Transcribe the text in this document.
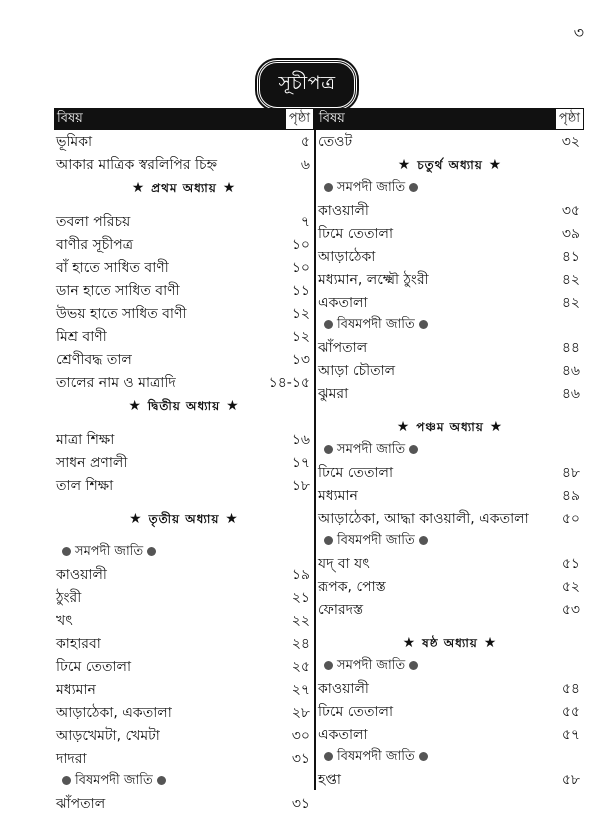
৩
সূচীপত্র
বিষয়	পৃষ্ঠা
ভূমিকা	৫
আকার মাত্রিক স্বরলিপির চিহ্ন	৬
★ প্রথম অধ্যায় ★
তবলা পরিচয়	৭
বাণীর সূচীপত্র	১০
বাঁ হাতে সাধিত বাণী	১০
ডান হাতে সাধিত বাণী	১১
উভয় হাতে সাধিত বাণী	১২
মিশ্র বাণী	১২
শ্রেণীবদ্ধ তাল	১৩
তালের নাম ও মাত্রাদি	১৪-১৫
★ দ্বিতীয় অধ্যায় ★
মাত্রা শিক্ষা	১৬
সাধন প্রণালী	১৭
তাল শিক্ষা	১৮
★ তৃতীয় অধ্যায় ★
সমপদী জাতি
কাওয়ালী	১৯
ঠুংরী	২১
খৎ	২২
কাহারবা	২৪
ঢিমে তেতালা	২৫
মধ্যমান	২৭
আড়াঠেকা, একতালা	২৮
আড়খেমটা, খেমটা	৩০
দাদরা	৩১
বিষমপদী জাতি
ঝাঁপতাল	৩১
বিষয়	পৃষ্ঠা
তেওট	৩২
★ চতুর্থ অধ্যায় ★
সমপদী জাতি
কাওয়ালী	৩৫
ঢিমে তেতালা	৩৯
আড়াঠেকা	৪১
মধ্যমান, লক্ষ্মৌ ঠুংরী	৪২
একতালা	৪২
বিষমপদী জাতি
ঝাঁপতাল	৪৪
আড়া চৌতাল	৪৬
ঝুমরা	৪৬
★ পঞ্চম অধ্যায় ★
সমপদী জাতি
ঢিমে তেতালা	৪৮
মধ্যমান	৪৯
আড়াঠেকা, আদ্ধা কাওয়ালী, একতালা ৫০
বিষমপদী জাতি
যদ্ বা যৎ	৫১
রূপক, পোস্ত	৫২
ফোরদস্ত	৫৩
★ ষষ্ঠ অধ্যায় ★
সমপদী জাতি
কাওয়ালী	৫৪
ঢিমে তেতালা	৫৫
একতালা	৫৭
বিষমপদী জাতি
হপ্তা	৫৮
